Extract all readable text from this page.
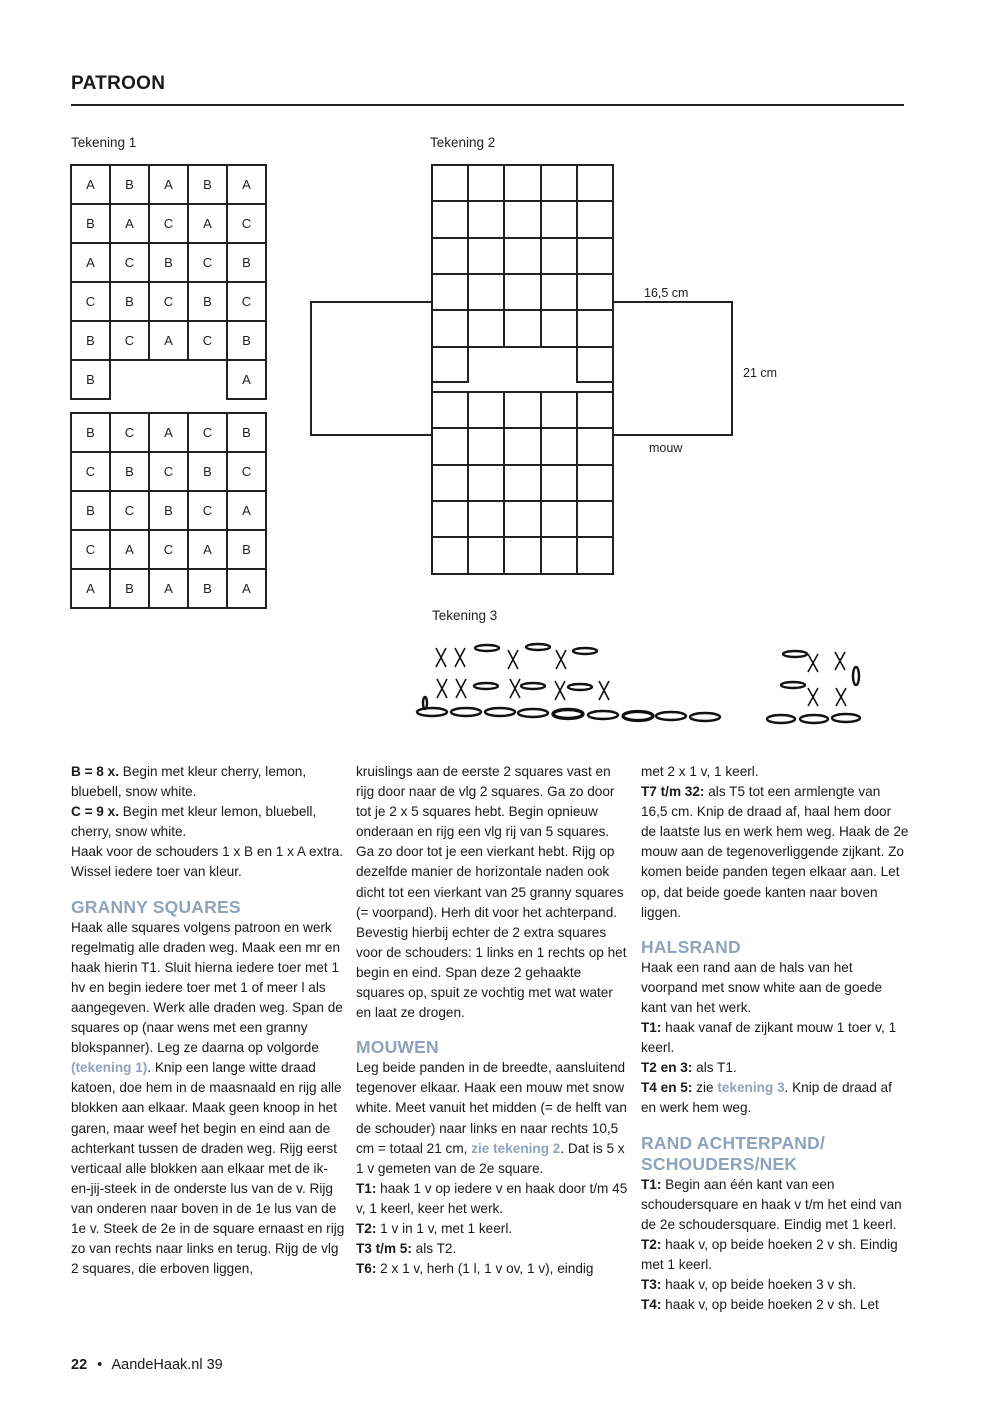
PATROON
Tekening 1
A	B	A	B	A
B	A	C	A	C
A	C	B	C	B
C	B	C	B	C
B	C	A	C	B
B				A
B	C	A	C	B
C	B	C	B	C
B	C	B	C	A
C	A	C	A	B
A	B	A	B	A
Tekening 2
16,5 cm
21 cm
mouw
Tekening 3

B = 8 x. Begin met kleur cherry, lemon, bluebell, snow white.

C = 9 x. Begin met kleur lemon, bluebell, cherry, snow white.

Haak voor de schouders 1 x B en 1 x A extra. Wissel iedere toer van kleur.

GRANNY SQUARES

Haak alle squares volgens patroon en werk regelmatig alle draden weg. Maak een mr en haak hierin T1. Sluit hierna iedere toer met 1 hv en begin iedere toer met 1 of meer l als aangegeven. Werk alle draden weg. Span de squares op (naar wens met een granny blokspanner). Leg ze daarna op volgorde (tekening 1). Knip een lange witte draad katoen, doe hem in de maasnaald en rijg alle blokken aan elkaar. Maak geen knoop in het garen, maar weef het begin en eind aan de achterkant tussen de draden weg. Rijg eerst verticaal alle blokken aan elkaar met de ik-en-jij-steek in de onderste lus van de v. Rijg van onderen naar boven in de 1e lus van de 1e v. Steek de 2e in de square ernaast en rijg zo van rechts naar links en terug. Rijg de vlg 2 squares, die erboven liggen,

kruislings aan de eerste 2 squares vast en rijg door naar de vlg 2 squares. Ga zo door tot je 2 x 5 squares hebt. Begin opnieuw onderaan en rijg een vlg rij van 5 squares. Ga zo door tot je een vierkant hebt. Rijg op dezelfde manier de horizontale naden ook dicht tot een vierkant van 25 granny squares (= voorpand). Herh dit voor het achterpand. Bevestig hierbij echter de 2 extra squares voor de schouders: 1 links en 1 rechts op het begin en eind. Span deze 2 gehaakte squares op, spuit ze vochtig met wat water en laat ze drogen.

MOUWEN

Leg beide panden in de breedte, aansluitend tegenover elkaar. Haak een mouw met snow white. Meet vanuit het midden (= de helft van de schouder) naar links en naar rechts 10,5 cm = totaal 21 cm, zie tekening 2. Dat is 5 x 1 v gemeten van de 2e square.

T1: haak 1 v op iedere v en haak door t/m 45 v, 1 keerl, keer het werk.

T2: 1 v in 1 v, met 1 keerl.

T3 t/m 5: als T2.

T6: 2 x 1 v, herh (1 l, 1 v ov, 1 v), eindig

met 2 x 1 v, 1 keerl.

T7 t/m 32: als T5 tot een armlengte van 16,5 cm. Knip de draad af, haal hem door de laatste lus en werk hem weg. Haak de 2e mouw aan de tegenoverliggende zijkant. Zo komen beide panden tegen elkaar aan. Let op, dat beide goede kanten naar boven liggen.

HALSRAND

Haak een rand aan de hals van het voorpand met snow white aan de goede kant van het werk.

T1: haak vanaf de zijkant mouw 1 toer v, 1 keerl.

T2 en 3: als T1.

T4 en 5: zie tekening 3. Knip de draad af en werk hem weg.

RAND ACHTERPAND/ SCHOUDERS/NEK

T1: Begin aan één kant van een schoudersquare en haak v t/m het eind van de 2e schoudersquare. Eindig met 1 keerl.

T2: haak v, op beide hoeken 2 v sh. Eindig met 1 keerl.

T3: haak v, op beide hoeken 3 v sh.

T4: haak v, op beide hoeken 2 v sh. Let

22 • AandeHaak.nl 39
